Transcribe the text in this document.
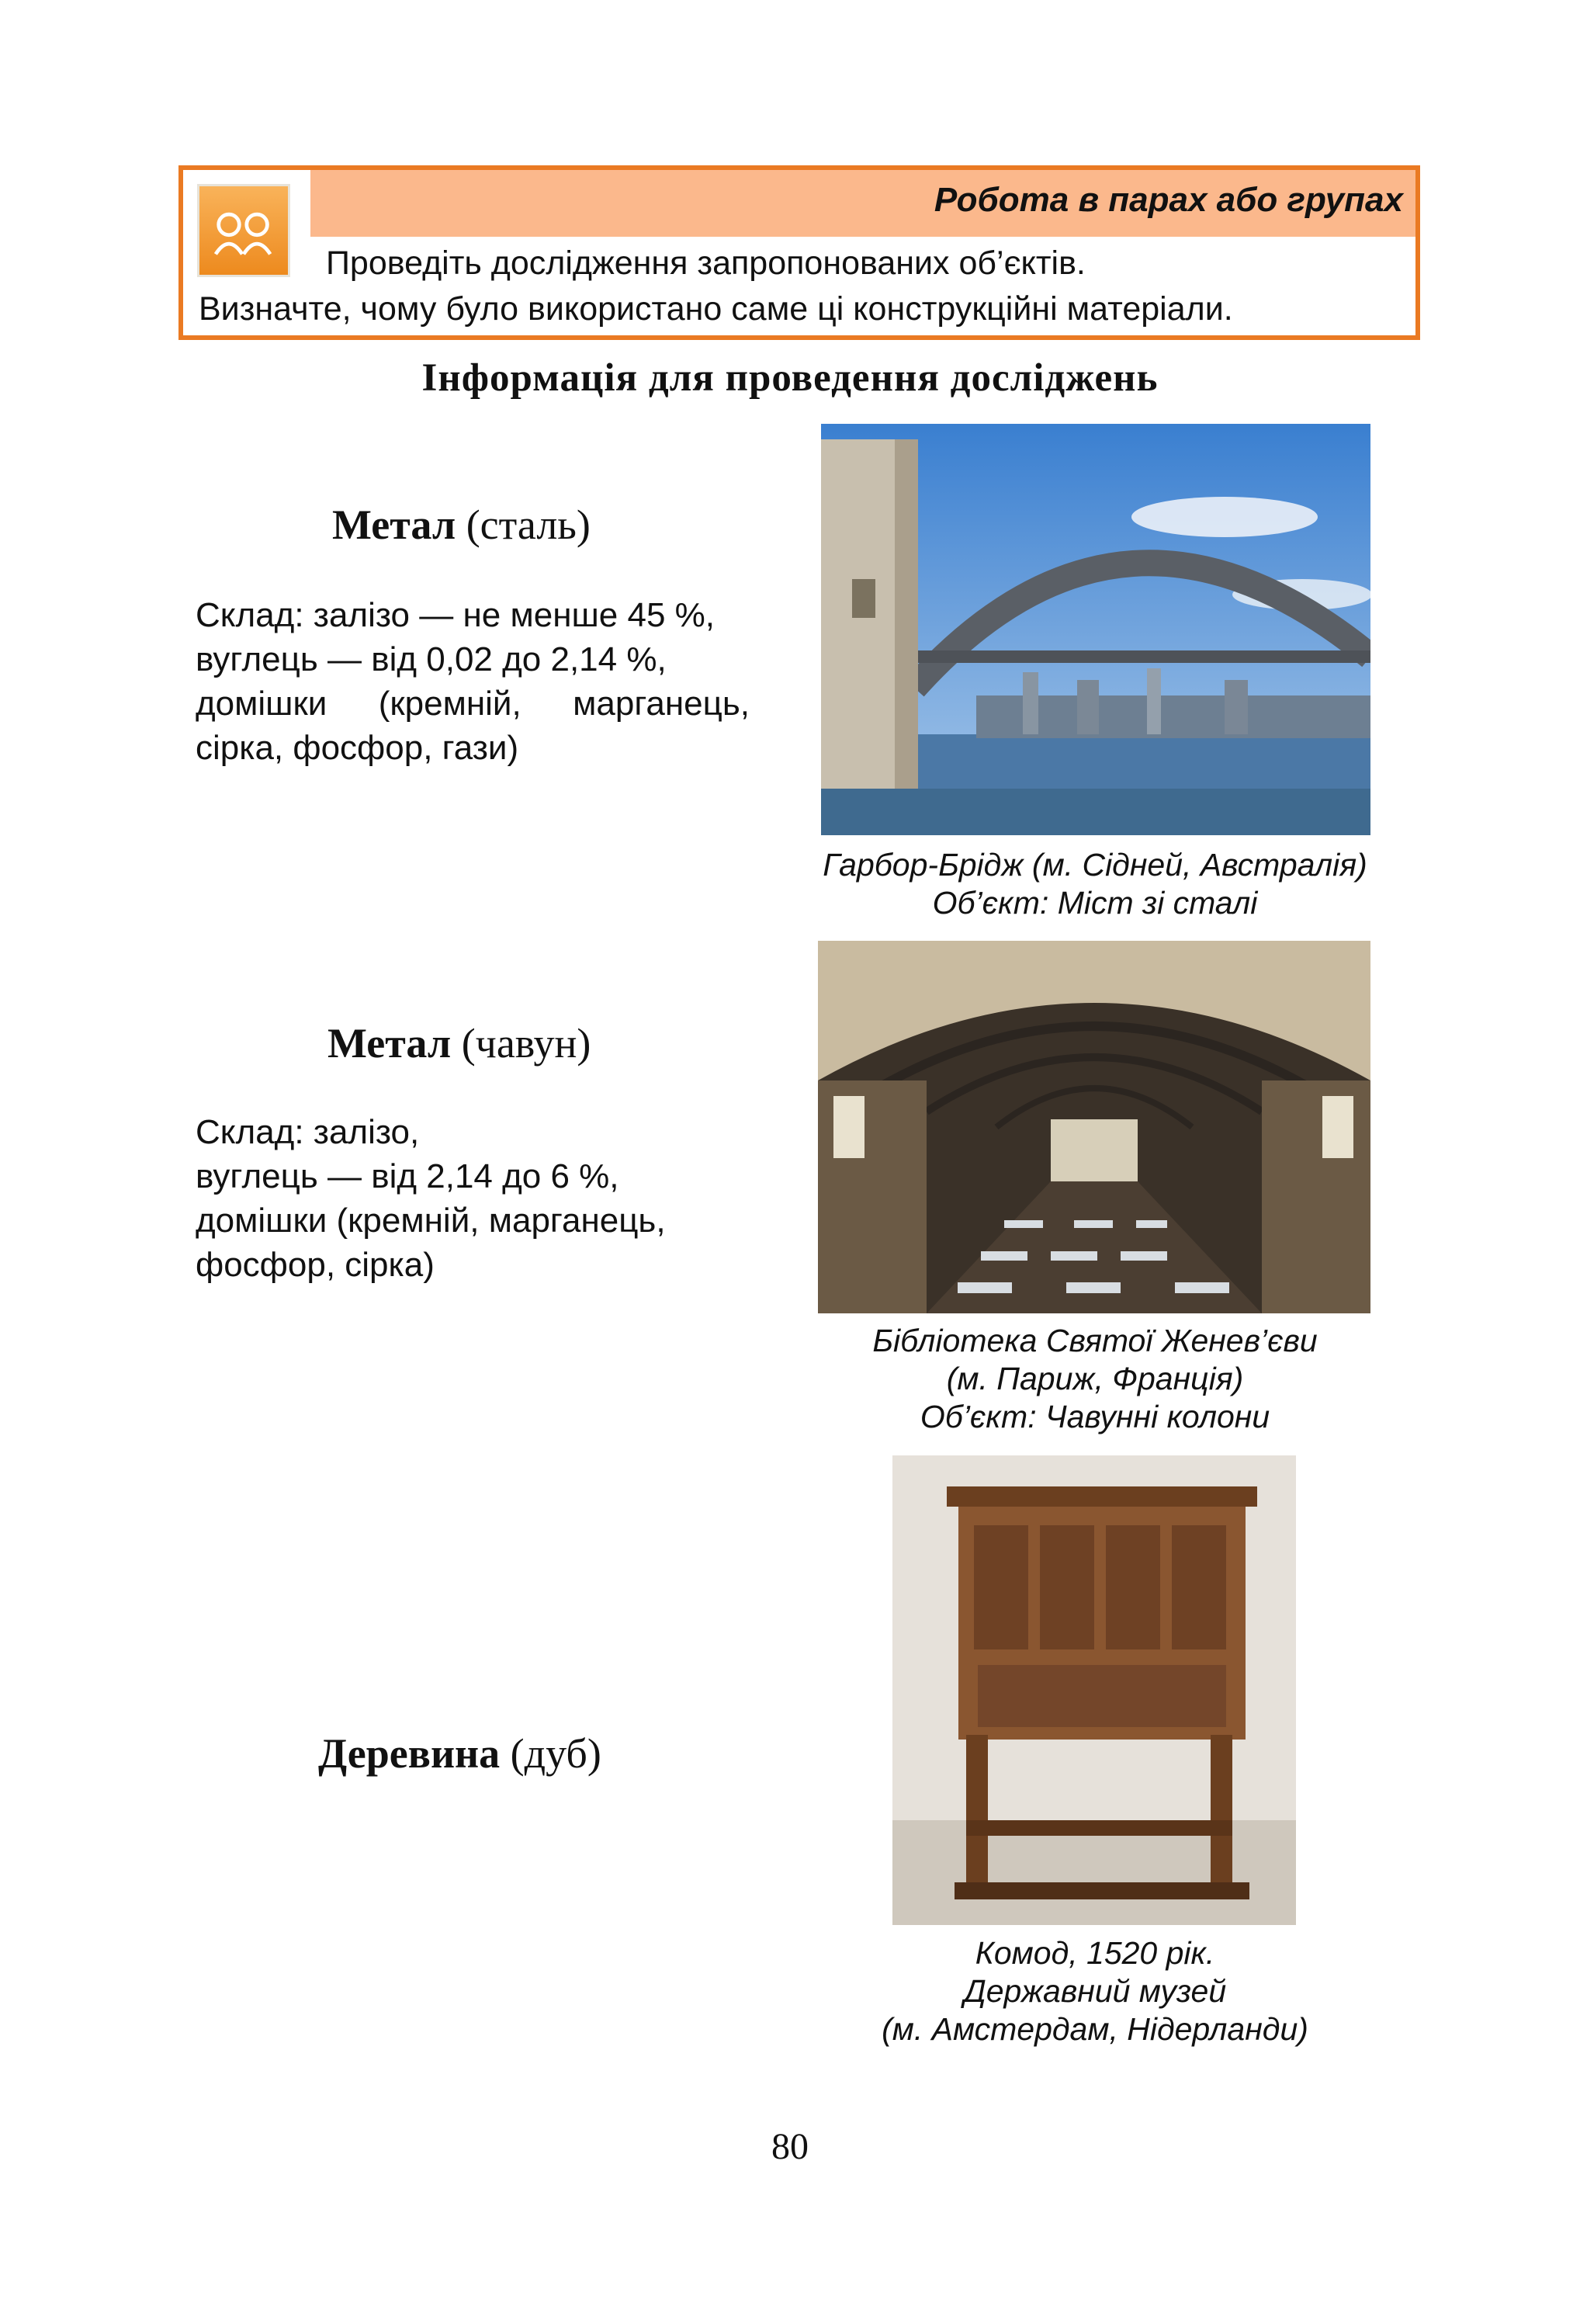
Робота в парах або групах
Проведіть дослідження запропонованих об’єктів.
Визначте, чому було використано саме ці конструкційні матеріали.
Інформація для проведення досліджень
Метал (сталь)
Склад: залізо — не менше 45 %,
вуглець — від 0,02 до 2,14 %,
домішки (кремній, марганець,
сірка, фосфор, гази)
Гарбор-Брідж (м. Сідней, Австралія)
Об’єкт: Міст зі сталі
Метал (чавун)
Склад: залізо,
вуглець — від 2,14 до 6 %,
домішки (кремній, марганець,
фосфор, сірка)
Бібліотека Святої Женев’єви
(м. Париж, Франція)
Об’єкт: Чавунні колони
Деревина (дуб)
Комод, 1520 рік.
Державний музей
(м. Амстердам, Нідерланди)
80
